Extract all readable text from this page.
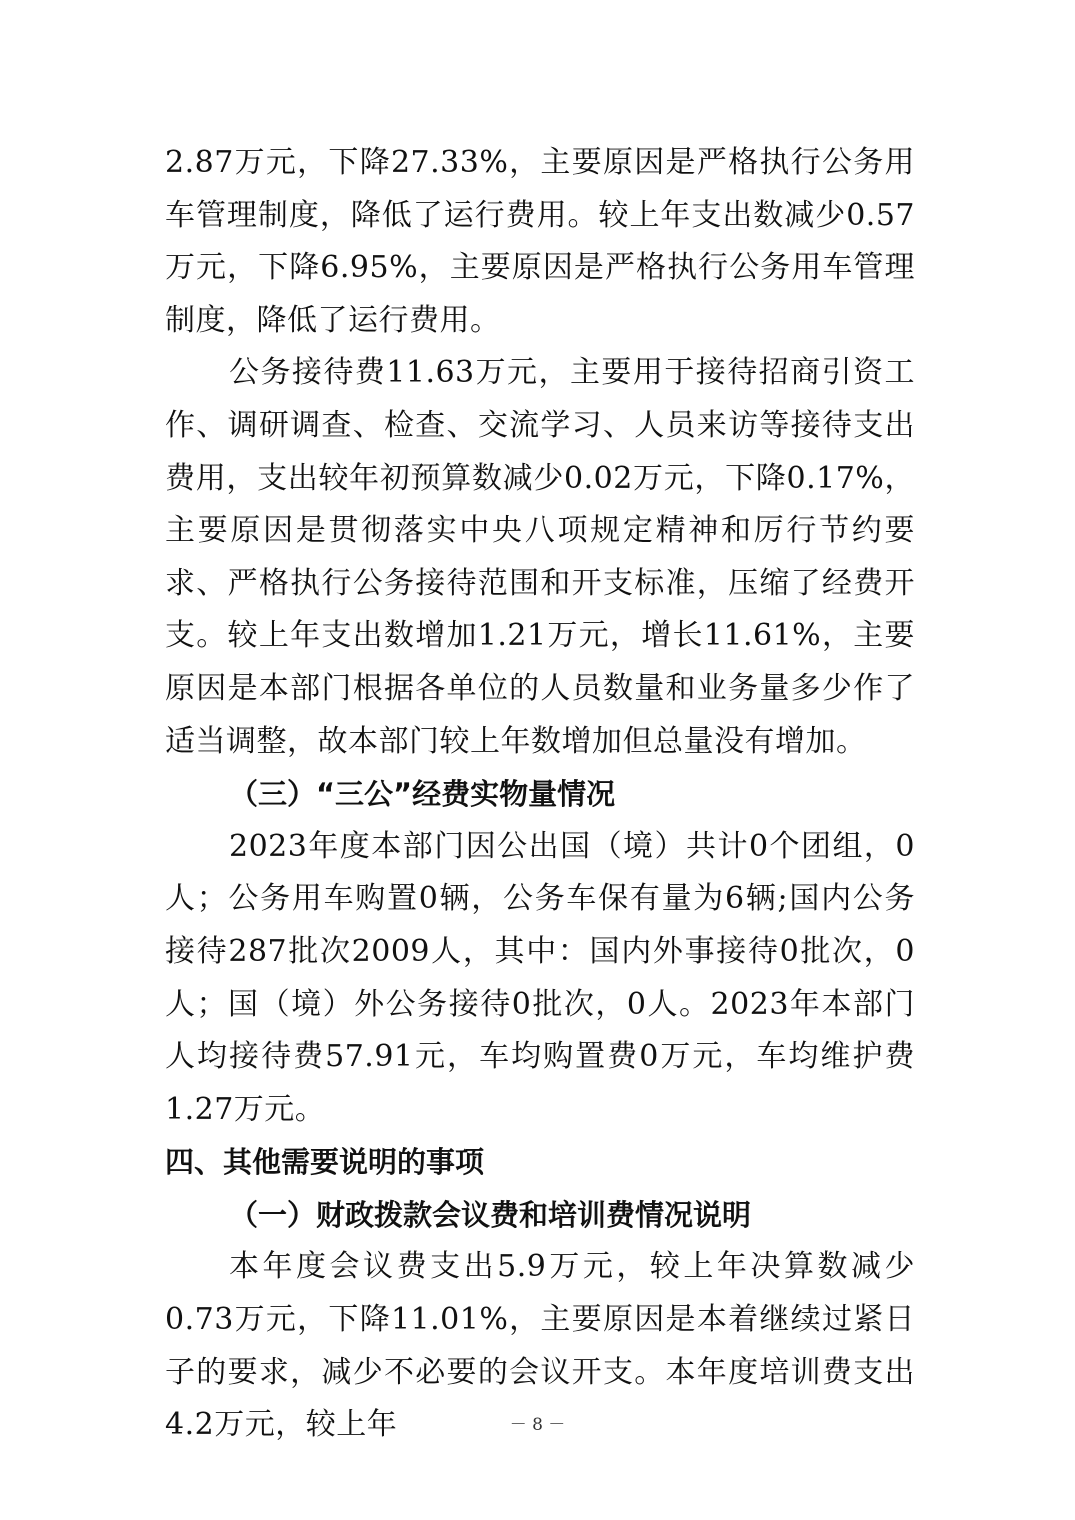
2.87万元，下降27.33%，主要原因是严格执行公务用车管理制度，降低了运行费用。较上年支出数减少0.57万元，下降6.95%，主要原因是严格执行公务用车管理制度，降低了运行费用。

公务接待费11.63万元，主要用于接待招商引资工作、调研调查、检查、交流学习、人员来访等接待支出费用，支出较年初预算数减少0.02万元，下降0.17%，主要原因是贯彻落实中央八项规定精神和厉行节约要求、严格执行公务接待范围和开支标准，压缩了经费开支。较上年支出数增加1.21万元，增长11.61%，主要原因是本部门根据各单位的人员数量和业务量多少作了适当调整，故本部门较上年数增加但总量没有增加。

（三）“三公”经费实物量情况

2023年度本部门因公出国（境）共计0个团组，0人；公务用车购置0辆，公务车保有量为6辆;国内公务接待287批次2009人，其中：国内外事接待0批次，0人；国（境）外公务接待0批次，0人。2023年本部门人均接待费57.91元，车均购置费0万元，车均维护费1.27万元。

四、其他需要说明的事项

（一）财政拨款会议费和培训费情况说明

本年度会议费支出5.9万元，较上年决算数减少0.73万元，下降11.01%，主要原因是本着继续过紧日子的要求，减少不必要的会议开支。本年度培训费支出4.2万元，较上年	－ 8 －
